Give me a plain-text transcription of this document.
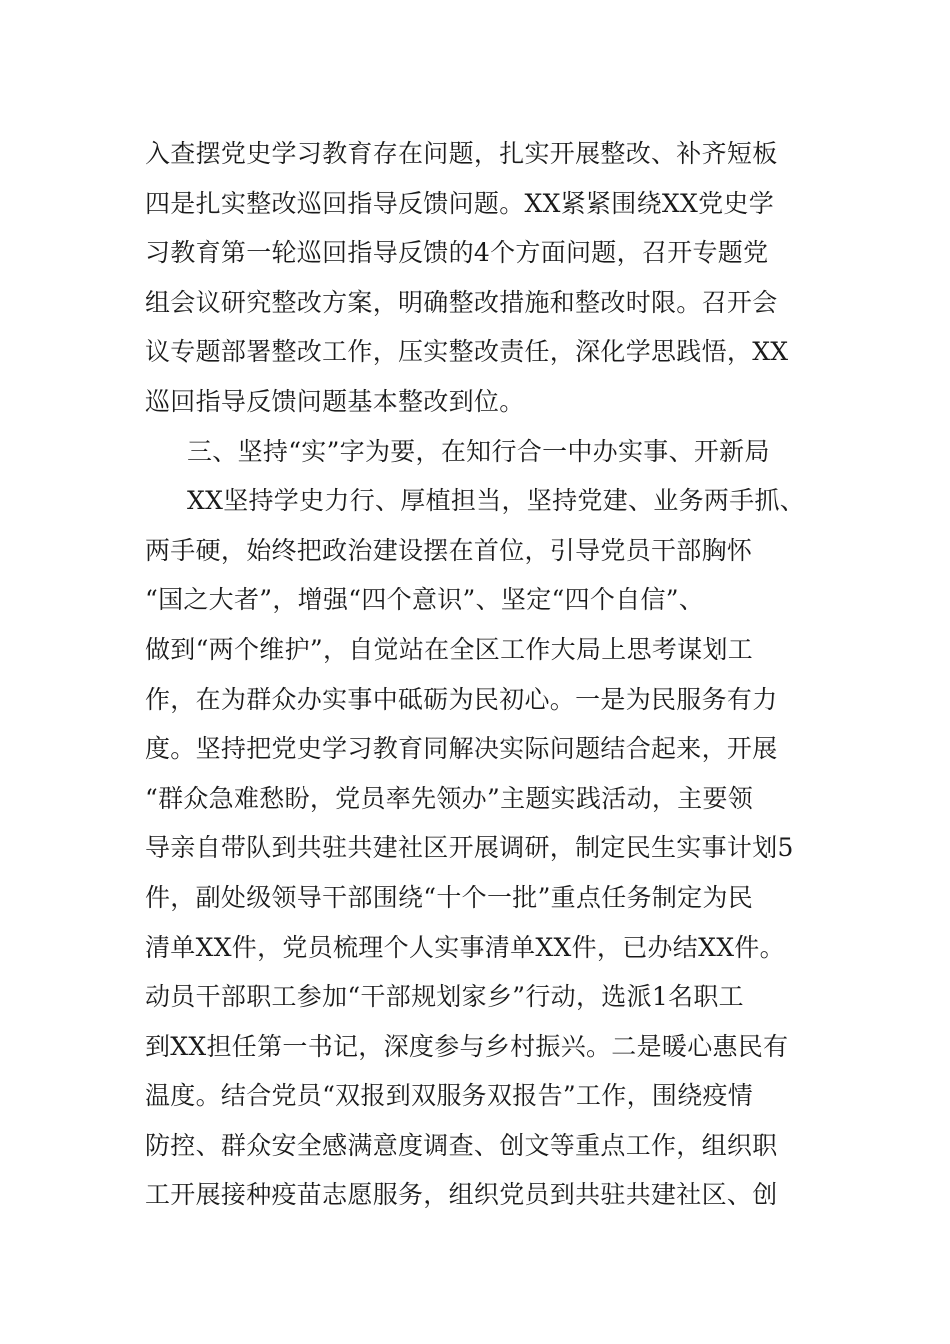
入查摆党史学习教育存在问题，扎实开展整改、补齐短板
四是扎实整改巡回指导反馈问题。XX紧紧围绕XX党史学
习教育第一轮巡回指导反馈的4个方面问题，召开专题党
组会议研究整改方案，明确整改措施和整改时限。召开会
议专题部署整改工作，压实整改责任，深化学思践悟，XX
巡回指导反馈问题基本整改到位。
三、坚持“实”字为要，在知行合一中办实事、开新局
XX坚持学史力行、厚植担当，坚持党建、业务两手抓、
两手硬，始终把政治建设摆在首位，引导党员干部胸怀
“国之大者”，增强“四个意识”、坚定“四个自信”、
做到“两个维护”，自觉站在全区工作大局上思考谋划工
作，在为群众办实事中砥砺为民初心。一是为民服务有力
度。坚持把党史学习教育同解决实际问题结合起来，开展
“群众急难愁盼，党员率先领办”主题实践活动，主要领
导亲自带队到共驻共建社区开展调研，制定民生实事计划5
件，副处级领导干部围绕“十个一批”重点任务制定为民
清单XX件，党员梳理个人实事清单XX件，已办结XX件。
动员干部职工参加“干部规划家乡”行动，选派1名职工
到XX担任第一书记，深度参与乡村振兴。二是暖心惠民有
温度。结合党员“双报到双服务双报告”工作，围绕疫情
防控、群众安全感满意度调查、创文等重点工作，组织职
工开展接种疫苗志愿服务，组织党员到共驻共建社区、创
